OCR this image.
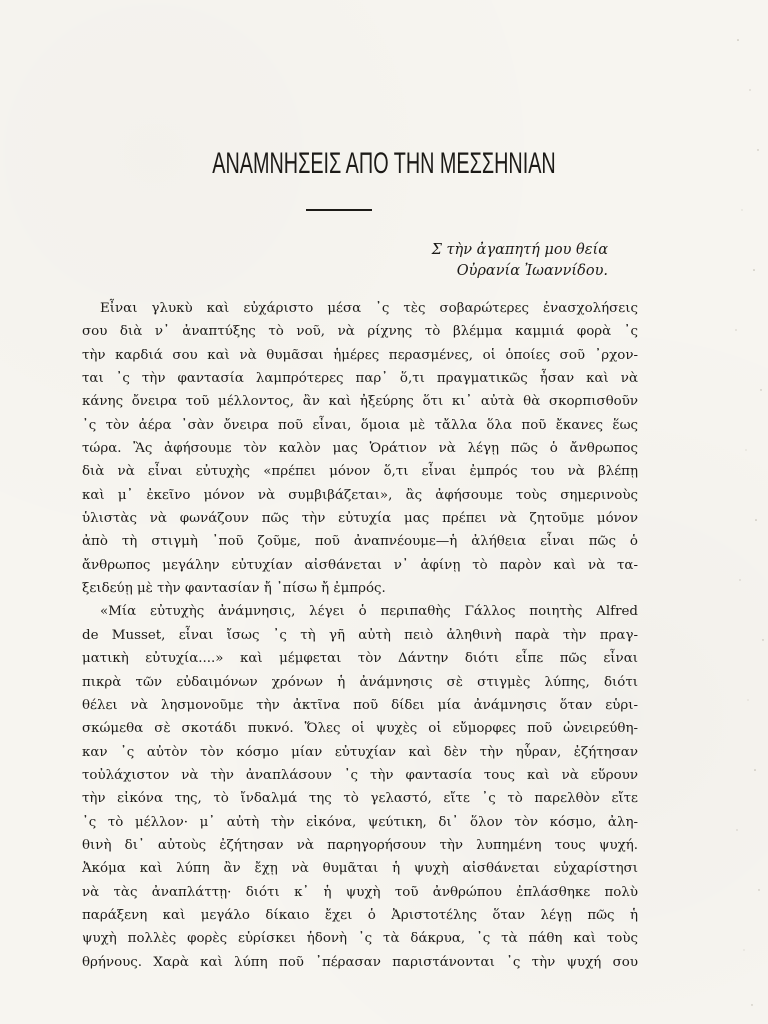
ΑΝΑΜΝΗΣΕΙΣ ΑΠΟ ΤΗΝ ΜΕΣΣΗΝΙΑΝ
Σ τὴν ἀγαπητή μου θεία
Οὐρανία Ἰωαννίδου.
Εἶναι γλυκὺ καὶ εὐχάριστο μέσα ᾿ς τὲς σοβαρώτερες ἐνασχολήσεις
σου διὰ ν᾿ ἀναπτύξης τὸ νοῦ, νὰ ρίχνης τὸ βλέμμα καμμιά φορὰ ᾿ς
τὴν καρδιά σου καὶ νὰ θυμᾶσαι ἡμέρες περασμένες, οἱ ὁποίες σοῦ ᾿ρχον-
ται ᾿ς τὴν φαντασία λαμπρότερες παρ᾿ ὅ,τι πραγματικῶς ἦσαν καὶ νὰ
κάνης ὄνειρα τοῦ μέλλοντος, ἂν καὶ ἠξεύρης ὅτι κι᾿ αὐτὰ θὰ σκορπισθοῦν
᾿ς τὸν ἀέρα ᾿σὰν ὄνειρα ποῦ εἶναι, ὅμοια μὲ τἄλλα ὅλα ποῦ ἔκανες ἕως
τώρα. Ἂς ἀφήσουμε τὸν καλὸν μας Ὁράτιον νὰ λέγῃ πῶς ὁ ἄνθρωπος
διὰ νὰ εἶναι εὐτυχὴς «πρέπει μόνον ὅ,τι εἶναι ἐμπρός του νὰ βλέπῃ
καὶ μ᾿ ἐκεῖνο μόνον νὰ συμβιβάζεται», ἂς ἀφήσουμε τοὺς σημερινοὺς
ὑλιστὰς νὰ φωνάζουν πῶς τὴν εὐτυχία μας πρέπει νὰ ζητοῦμε μόνον
ἀπὸ τὴ στιγμὴ ᾿ποῦ ζοῦμε, ποῦ ἀναπνέουμε—ἡ ἀλήθεια εἶναι πῶς ὁ
ἄνθρωπος μεγάλην εὐτυχίαν αἰσθάνεται ν᾿ ἀφίνῃ τὸ παρὸν καὶ νὰ τα-
ξειδεύῃ μὲ τὴν φαντασίαν ἤ ᾿πίσω ἤ ἐμπρός.
«Μία εὐτυχὴς ἀνάμνησις, λέγει ὁ περιπαθὴς Γάλλος ποιητὴς Alfred
de Musset, εἶναι ἴσως ᾿ς τὴ γῆ αὐτὴ πειὸ ἀληθινὴ παρὰ τὴν πραγ-
ματικὴ εὐτυχία....» καὶ μέμφεται τὸν Δάντην διότι εἶπε πῶς εἶναι
πικρὰ τῶν εὐδαιμόνων χρόνων ἡ ἀνάμνησις σὲ στιγμὲς λύπης, διότι
θέλει νὰ λησμονοῦμε τὴν ἀκτῖνα ποῦ δίδει μία ἀνάμνησις ὅταν εὑρι-
σκώμεθα σὲ σκοτάδι πυκνό. Ὅλες οἱ ψυχὲς οἱ εὔμορφες ποῦ ὠνειρεύθη-
καν ᾿ς αὐτὸν τὸν κόσμο μίαν εὐτυχίαν καὶ δὲν τὴν ηὗραν, ἐζήτησαν
τοὐλάχιστον νὰ τὴν ἀναπλάσουν ᾿ς τὴν φαντασία τους καὶ νὰ εὕρουν
τὴν εἰκόνα της, τὸ ἴνδαλμά της τὸ γελαστό, εἴτε ᾿ς τὸ παρελθὸν εἴτε
᾿ς τὸ μέλλον· μ᾿ αὐτὴ τὴν εἰκόνα, ψεύτικη, δι᾿ ὅλον τὸν κόσμο, ἀλη-
θινὴ δι᾿ αὐτοὺς ἐζήτησαν νὰ παρηγορήσουν τὴν λυπημένη τους ψυχή.
Ἀκόμα καὶ λύπη ἂν ἔχῃ νὰ θυμᾶται ἡ ψυχὴ αἰσθάνεται εὐχαρίστησι
νὰ τὰς ἀναπλάττῃ· διότι κ᾿ ἡ ψυχὴ τοῦ ἀνθρώπου ἐπλάσθηκε πολὺ
παράξενη καὶ μεγάλο δίκαιο ἔχει ὁ Ἀριστοτέλης ὅταν λέγῃ πῶς ἡ
ψυχὴ πολλὲς φορὲς εὑρίσκει ἡδονὴ ᾿ς τὰ δάκρυα, ᾿ς τὰ πάθη καὶ τοὺς
θρήνους. Χαρὰ καὶ λύπη ποῦ ᾿πέρασαν παριστάνονται ᾿ς τὴν ψυχή σου
